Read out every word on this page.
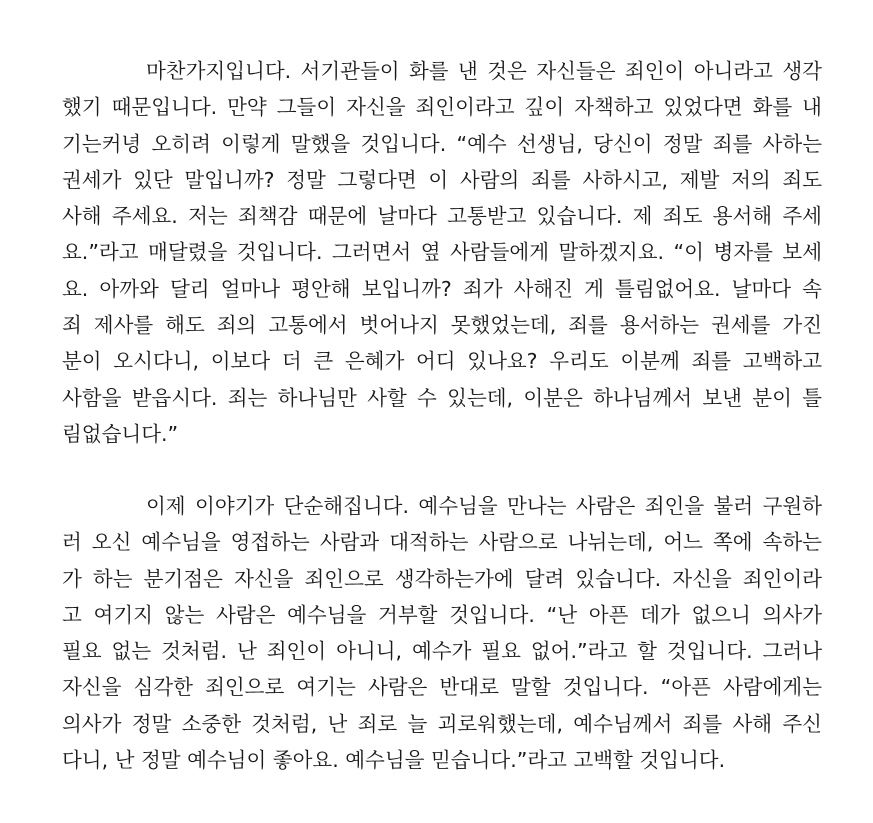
마찬가지입니다. 서기관들이 화를 낸 것은 자신들은 죄인이 아니라고 생각
했기 때문입니다. 만약 그들이 자신을 죄인이라고 깊이 자책하고 있었다면 화를 내
기는커녕 오히려 이렇게 말했을 것입니다. “예수 선생님, 당신이 정말 죄를 사하는
권세가 있단 말입니까? 정말 그렇다면 이 사람의 죄를 사하시고, 제발 저의 죄도
사해 주세요. 저는 죄책감 때문에 날마다 고통받고 있습니다. 제 죄도 용서해 주세
요.”라고 매달렸을 것입니다. 그러면서 옆 사람들에게 말하겠지요. “이 병자를 보세
요. 아까와 달리 얼마나 평안해 보입니까? 죄가 사해진 게 틀림없어요. 날마다 속
죄 제사를 해도 죄의 고통에서 벗어나지 못했었는데, 죄를 용서하는 권세를 가진
분이 오시다니, 이보다 더 큰 은혜가 어디 있나요? 우리도 이분께 죄를 고백하고
사함을 받읍시다. 죄는 하나님만 사할 수 있는데, 이분은 하나님께서 보낸 분이 틀
림없습니다.”
이제 이야기가 단순해집니다. 예수님을 만나는 사람은 죄인을 불러 구원하
러 오신 예수님을 영접하는 사람과 대적하는 사람으로 나뉘는데, 어느 쪽에 속하는
가 하는 분기점은 자신을 죄인으로 생각하는가에 달려 있습니다. 자신을 죄인이라
고 여기지 않는 사람은 예수님을 거부할 것입니다. “난 아픈 데가 없으니 의사가
필요 없는 것처럼. 난 죄인이 아니니, 예수가 필요 없어.”라고 할 것입니다. 그러나
자신을 심각한 죄인으로 여기는 사람은 반대로 말할 것입니다. “아픈 사람에게는
의사가 정말 소중한 것처럼, 난 죄로 늘 괴로워했는데, 예수님께서 죄를 사해 주신
다니, 난 정말 예수님이 좋아요. 예수님을 믿습니다.”라고 고백할 것입니다.
